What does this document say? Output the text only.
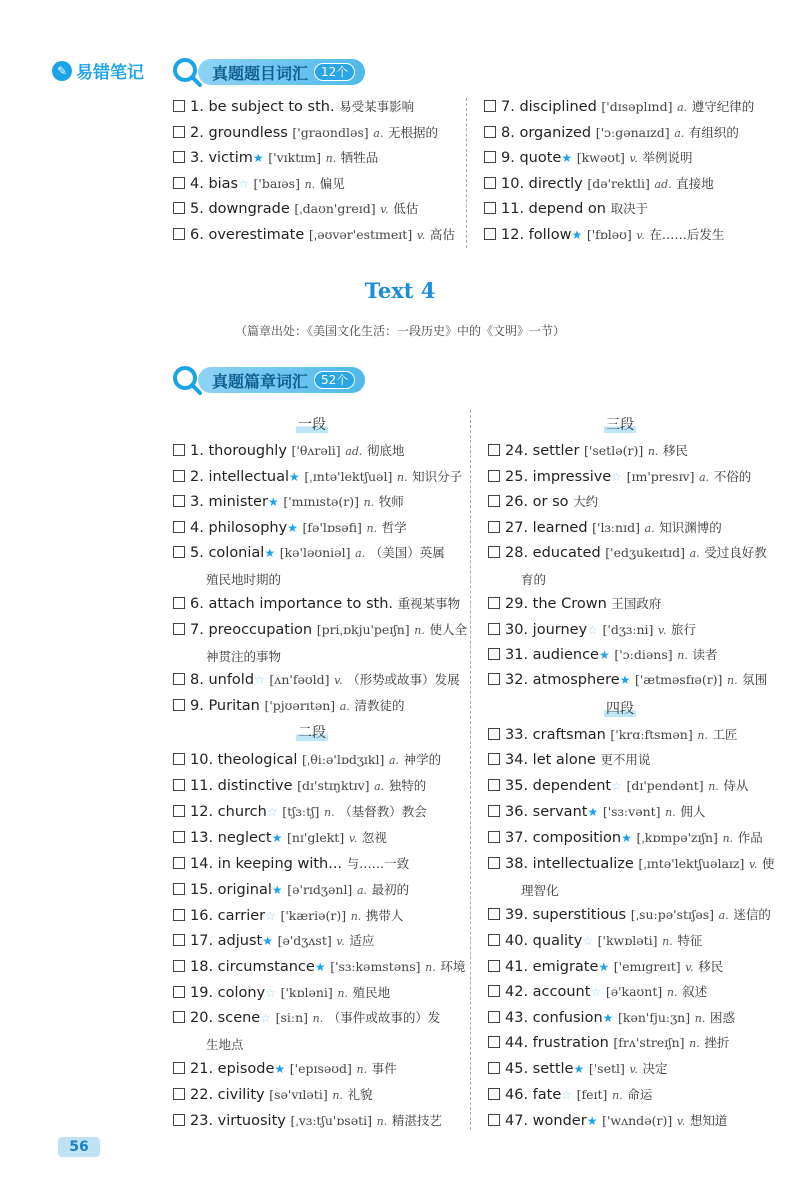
✎ 易错笔记	真题题目词汇	12个
1. be subject to sth. 易受某事影响
2. groundless ['graʊndləs] a. 无根据的
3. victim★ ['vɪktɪm] n. 牺牲品
4. bias☆ ['baɪəs] n. 偏见
5. downgrade [ˌdaʊn'greɪd] v. 低估
6. overestimate [ˌəʊvər'estɪmeɪt] v. 高估
7. disciplined ['dɪsəplɪnd] a. 遵守纪律的
8. organized ['ɔːgənaɪzd] a. 有组织的
9. quote★ [kwəʊt] v. 举例说明
10. directly [də'rektli] ad. 直接地
11. depend on 取决于
12. follow★ ['fɒləʊ] v. 在……后发生
Text 4
（篇章出处：《美国文化生活：一段历史》中的《文明》一节）
真题篇章词汇	52个
一段
二段
三段
四段
1. thoroughly ['θʌrəli] ad. 彻底地
2. intellectual★ [ˌɪntə'lektʃuəl] n. 知识分子
3. minister★ ['mɪnɪstə(r)] n. 牧师
4. philosophy★ [fə'lɒsəfi] n. 哲学
5. colonial★ [kə'ləʊniəl] a. （美国）英属
殖民地时期的
6. attach importance to sth. 重视某事物
7. preoccupation [priˌɒkju'peɪʃn] n. 使人全
神贯注的事物
8. unfold☆ [ʌn'fəʊld] v. （形势或故事）发展
9. Puritan ['pjʊərɪtən] a. 清教徒的
10. theological [ˌθiːə'lɒdʒɪkl] a. 神学的
11. distinctive [dɪ'stɪŋktɪv] a. 独特的
12. church☆ [tʃɜːtʃ] n. （基督教）教会
13. neglect★ [nɪ'glekt] v. 忽视
14. in keeping with... 与……一致
15. original★ [ə'rɪdʒənl] a. 最初的
16. carrier☆ ['kæriə(r)] n. 携带人
17. adjust★ [ə'dʒʌst] v. 适应
18. circumstance★ ['sɜːkəmstəns] n. 环境
19. colony☆ ['kɒləni] n. 殖民地
20. scene☆ [siːn] n. （事件或故事的）发
生地点
21. episode★ ['epɪsəʊd] n. 事件
22. civility [sə'vɪləti] n. 礼貌
23. virtuosity [ˌvɜːtʃu'ɒsəti] n. 精湛技艺
24. settler ['setlə(r)] n. 移民
25. impressive☆ [ɪm'presɪv] a. 不俗的
26. or so 大约
27. learned ['lɜːnɪd] a. 知识渊博的
28. educated ['edʒukeɪtɪd] a. 受过良好教
育的
29. the Crown 王国政府
30. journey☆ ['dʒɜːni] v. 旅行
31. audience★ ['ɔːdiəns] n. 读者
32. atmosphere★ ['ætməsfɪə(r)] n. 氛围
33. craftsman ['krɑːftsmən] n. 工匠
34. let alone 更不用说
35. dependent☆ [dɪ'pendənt] n. 侍从
36. servant★ ['sɜːvənt] n. 佣人
37. composition★ [ˌkɒmpə'zɪʃn] n. 作品
38. intellectualize [ˌɪntə'lektʃuəlaɪz] v. 使
理智化
39. superstitious [ˌsuːpə'stɪʃəs] a. 迷信的
40. quality☆ ['kwɒləti] n. 特征
41. emigrate★ ['emɪgreɪt] v. 移民
42. account☆ [ə'kaʊnt] n. 叙述
43. confusion★ [kən'fjuːʒn] n. 困惑
44. frustration [frʌ'streɪʃn] n. 挫折
45. settle★ ['setl] v. 决定
46. fate☆ [feɪt] n. 命运
47. wonder★ ['wʌndə(r)] v. 想知道
56
